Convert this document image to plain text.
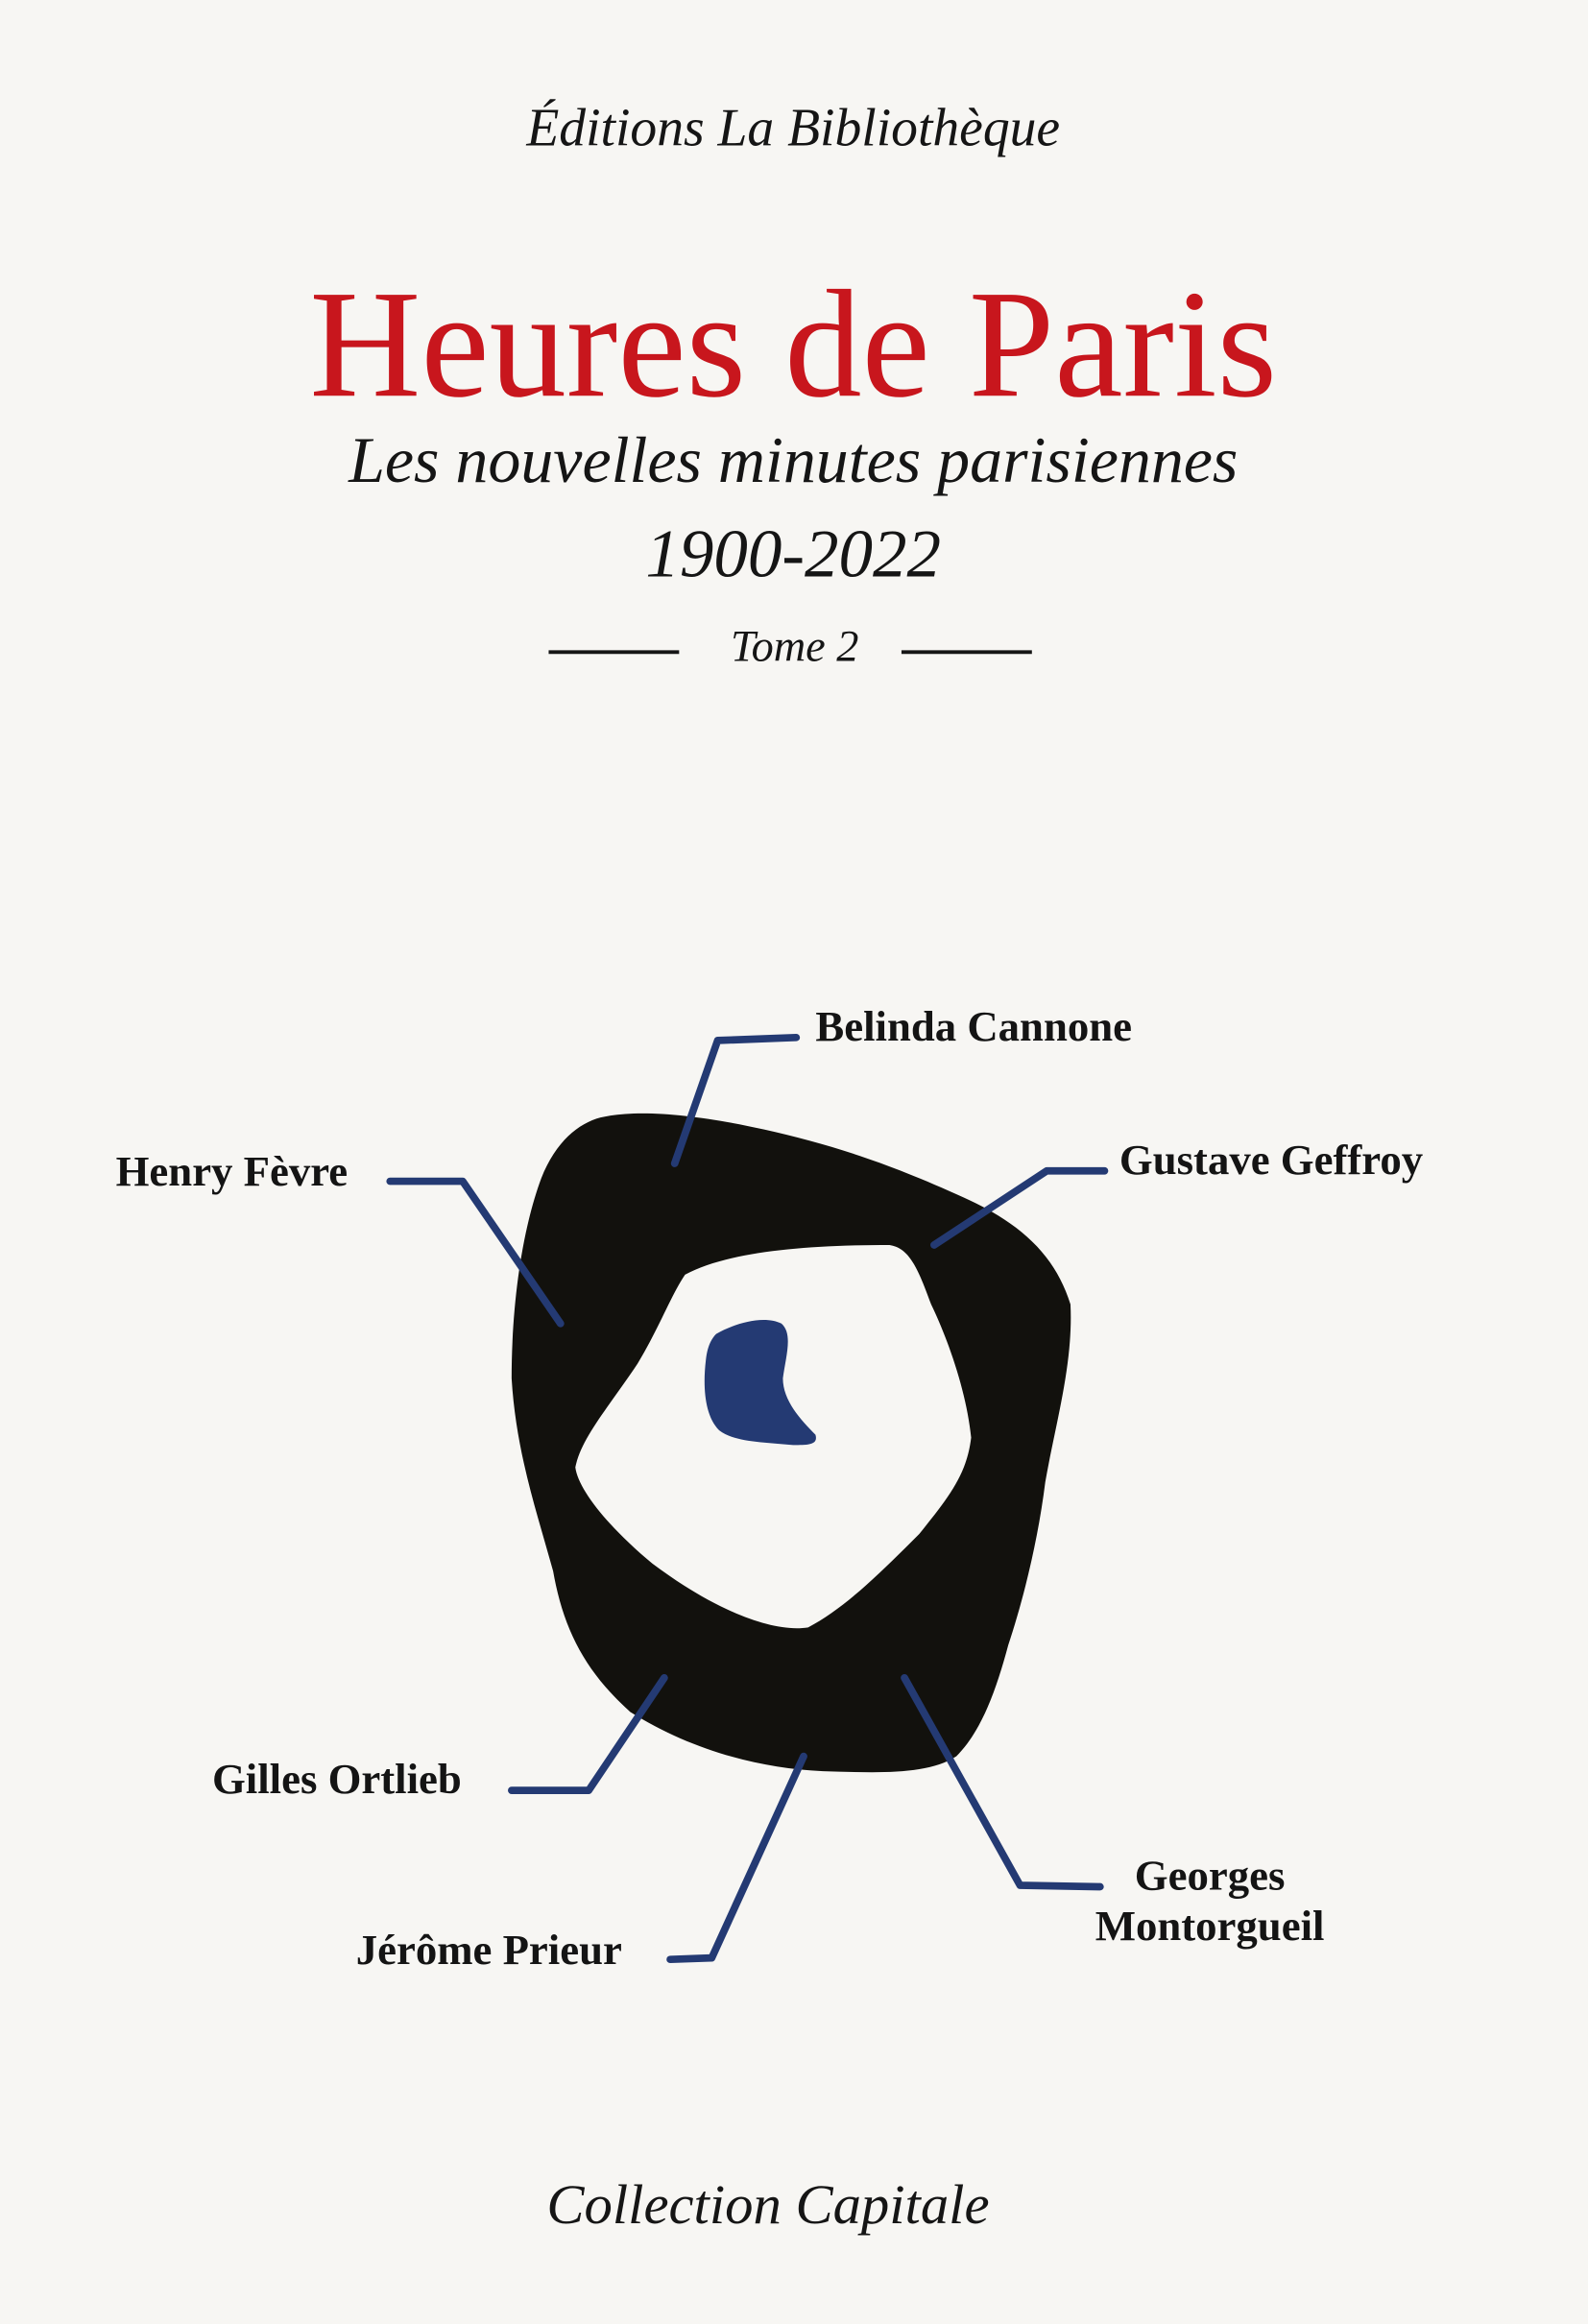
Éditions La Bibliothèque
Heures de Paris
Les nouvelles minutes parisiennes
1900-2022
Tome 2
Belinda Cannone
Gustave Geffroy
Henry Fèvre
Gilles Ortlieb
Jérôme Prieur
Georges
Montorgueil
Collection Capitale
